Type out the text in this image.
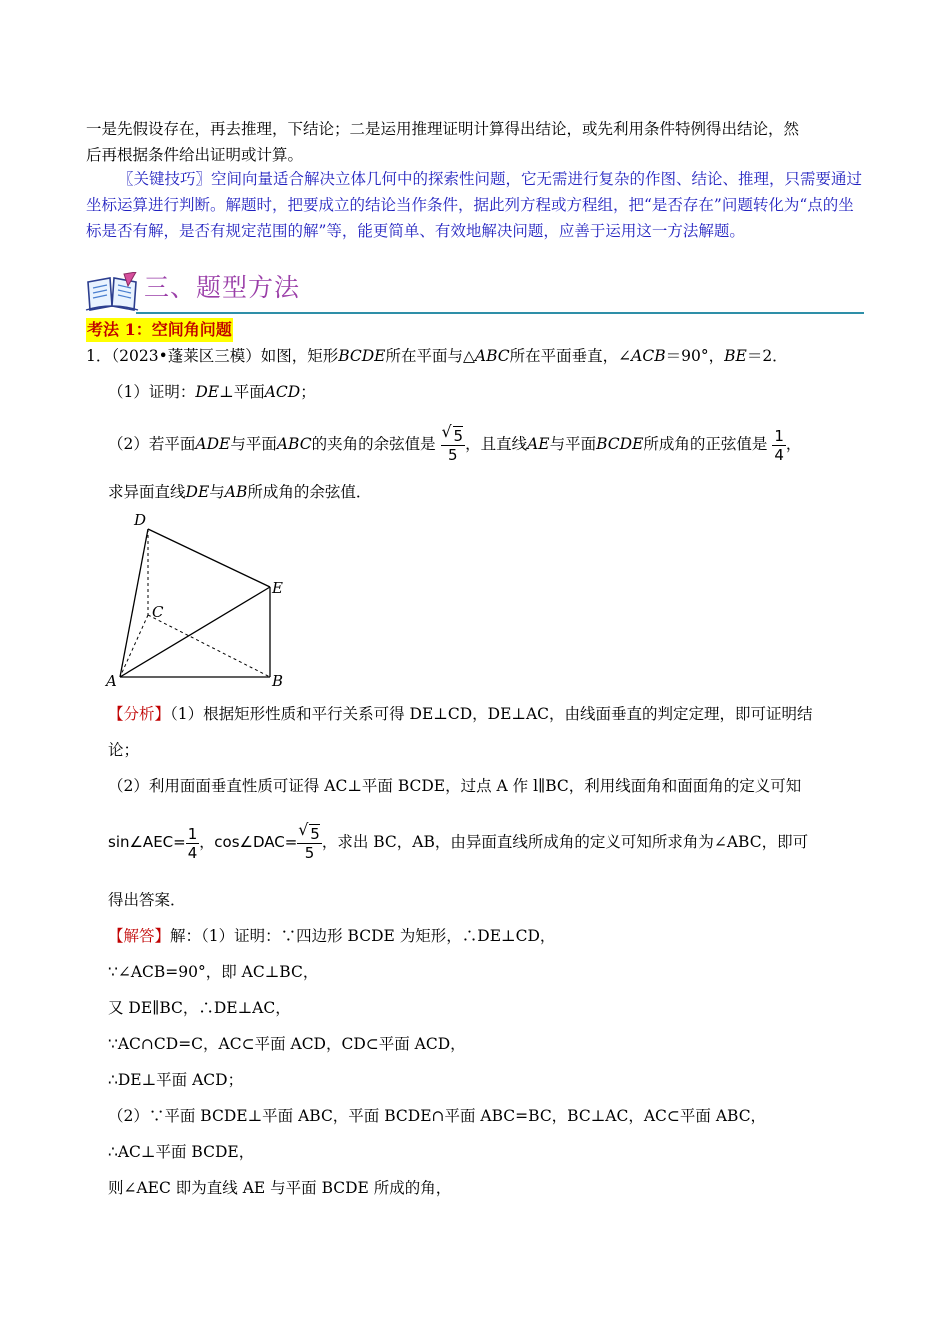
一是先假设存在，再去推理，下结论；二是运用推理证明计算得出结论，或先利用条件特例得出结论，然
后再根据条件给出证明或计算。

〖关键技巧〗空间向量适合解决立体几何中的探索性问题，它无需进行复杂的作图、结论、推理，只需要通过坐标运算进行判断。解题时，把要成立的结论当作条件，据此列方程或方程组，把“是否存在”问题转化为“点的坐标是否有解，是否有规定范围的解”等，能更简单、有效地解决问题，应善于运用这一方法解题。

三、题型方法
考法 1：空间角问题
1．（2023•蓬莱区三模）如图，矩形BCDE所在平面与△ABC所在平面垂直，∠ACB＝90°，BE＝2．
（1）证明：DE⊥平面ACD；
（2）若平面ADE与平面ABC的夹角的余弦值是 √ $\frac{5}{5}$ ，且直线AE与平面BCDE所成角的正弦值是 $\frac{1}{4}$ ，
求异面直线DE与AB所成角的余弦值．
D
C
E
A	B
【分析】（1）根据矩形性质和平行关系可得 DE⊥CD，DE⊥AC，由线面垂直的判定定理，即可证明结
论；
（2）利用面面垂直性质可证得 AC⊥平面 BCDE，过点 A 作 l∥BC，利用线面角和面面角的定义可知
sin∠AEC= $\frac{1}{4}$ ，cos∠DAC= √ $\frac{5}{5}$ ，求出 BC，AB，由异面直线所成角的定义可知所求角为∠ABC，即可
得出答案．
【解答】解：（1）证明：∵四边形 BCDE 为矩形，∴DE⊥CD，
∵∠ACB=90°，即 AC⊥BC，
又 DE∥BC，∴DE⊥AC，
∵AC∩CD=C，AC⊂平面 ACD，CD⊂平面 ACD，
∴DE⊥平面 ACD；
（2）∵平面 BCDE⊥平面 ABC，平面 BCDE∩平面 ABC=BC，BC⊥AC，AC⊂平面 ABC，
∴AC⊥平面 BCDE，
则∠AEC 即为直线 AE 与平面 BCDE 所成的角，
